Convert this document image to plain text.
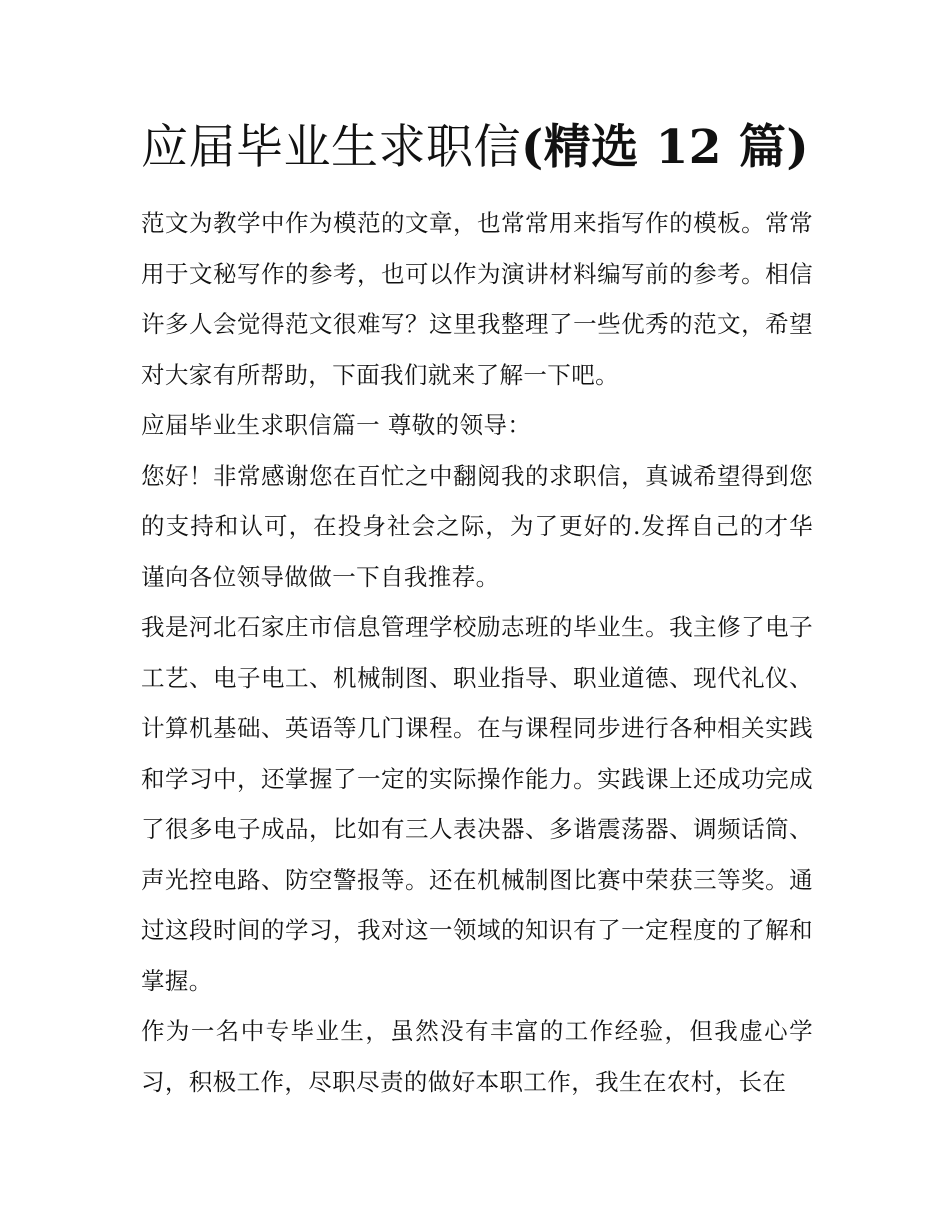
应届毕业生求职信(精选 12 篇)

范文为教学中作为模范的文章，也常常用来指写作的模板。常常用于文秘写作的参考，也可以作为演讲材料编写前的参考。相信许多人会觉得范文很难写？这里我整理了一些优秀的范文，希望对大家有所帮助，下面我们就来了解一下吧。

应届毕业生求职信篇一 尊敬的领导：

您好！非常感谢您在百忙之中翻阅我的求职信，真诚希望得到您的支持和认可，在投身社会之际，为了更好的.发挥自己的才华谨向各位领导做做一下自我推荐。

我是河北石家庄市信息管理学校励志班的毕业生。我主修了电子工艺、电子电工、机械制图、职业指导、职业道德、现代礼仪、计算机基础、英语等几门课程。在与课程同步进行各种相关实践和学习中，还掌握了一定的实际操作能力。实践课上还成功完成了很多电子成品，比如有三人表决器、多谐震荡器、调频话筒、声光控电路、防空警报等。还在机械制图比赛中荣获三等奖。通过这段时间的学习，我对这一领域的知识有了一定程度的了解和掌握。

作为一名中专毕业生，虽然没有丰富的工作经验，但我虚心学习，积极工作，尽职尽责的做好本职工作，我生在农村，长在
